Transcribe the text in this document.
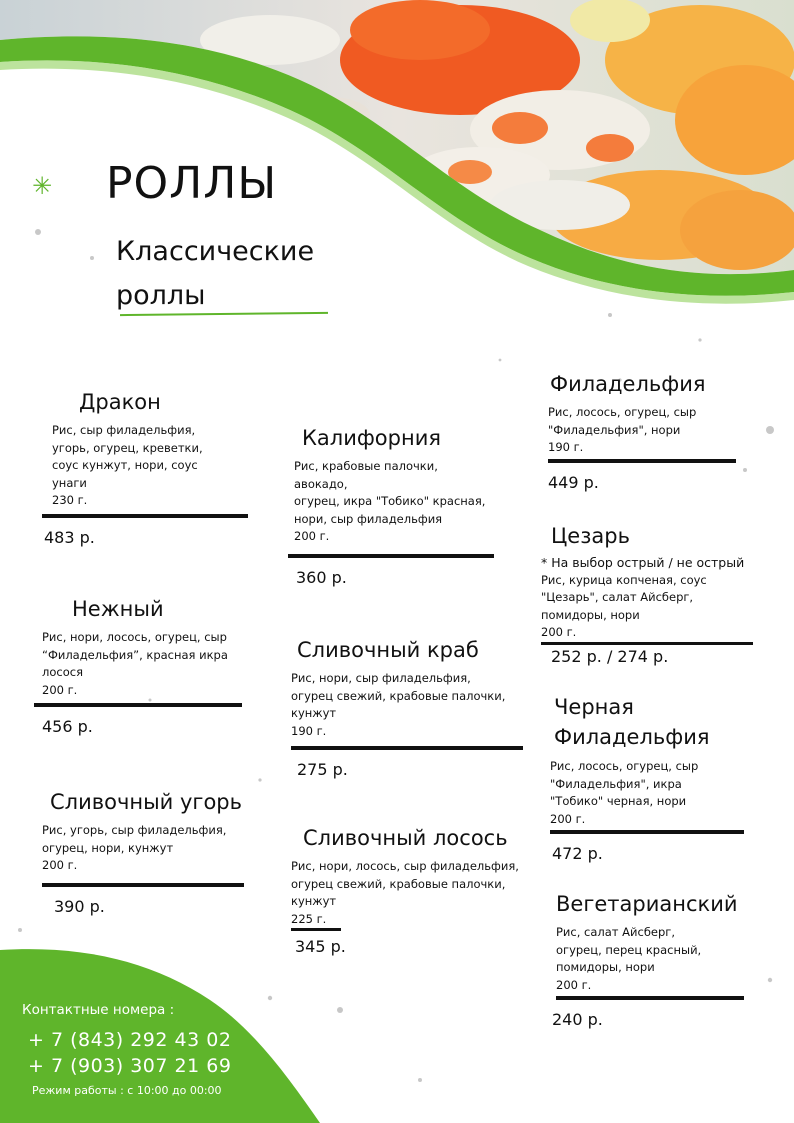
✳ РОЛЛЫ
Классические роллы
Дракон
Рис, сыр филадельфия,
угорь, огурец, креветки,
соус кунжут, нори, соус
унаги
230 г.
483 р.
Нежный
Рис, нори, лосось, огурец, сыр
“Филадельфия”, красная икра
лосося
200 г.
456 р.
Сливочный угорь
Рис, угорь, сыр филадельфия,
огурец, нори, кунжут
200 г.
390 р.
Калифорния
Рис, крабовые палочки, авокадо,
огурец, икра "Тобико" красная,
нори, сыр филадельфия
200 г.
360 р.
Сливочный краб
Рис, нори, сыр филадельфия,
огурец свежий, крабовые палочки,
кунжут
190 г.
275 р.
Сливочный лосось
Рис, нори, лосось, сыр филадельфия,
огурец свежий, крабовые палочки,
кунжут
225 г.
345 р.
Филадельфия
Рис, лосось, огурец, сыр
"Филадельфия", нори
190 г.
449 р.
Цезарь
* На выбор острый / не острый
Рис, курица копченая, соус
"Цезарь", салат Айсберг,
помидоры, нори
200 г.
252 р. / 274 р.
Черная
Филадельфия
Рис, лосось, огурец, сыр
"Филадельфия", икра
"Тобико" черная, нори
200 г.
472 р.
Вегетарианский
Рис, салат Айсберг,
огурец, перец красный,
помидоры, нори
200 г.
240 р.
Контактные номера :
+ 7 (843) 292 43 02
+ 7 (903) 307 21 69
Режим работы : с 10:00 до 00:00
